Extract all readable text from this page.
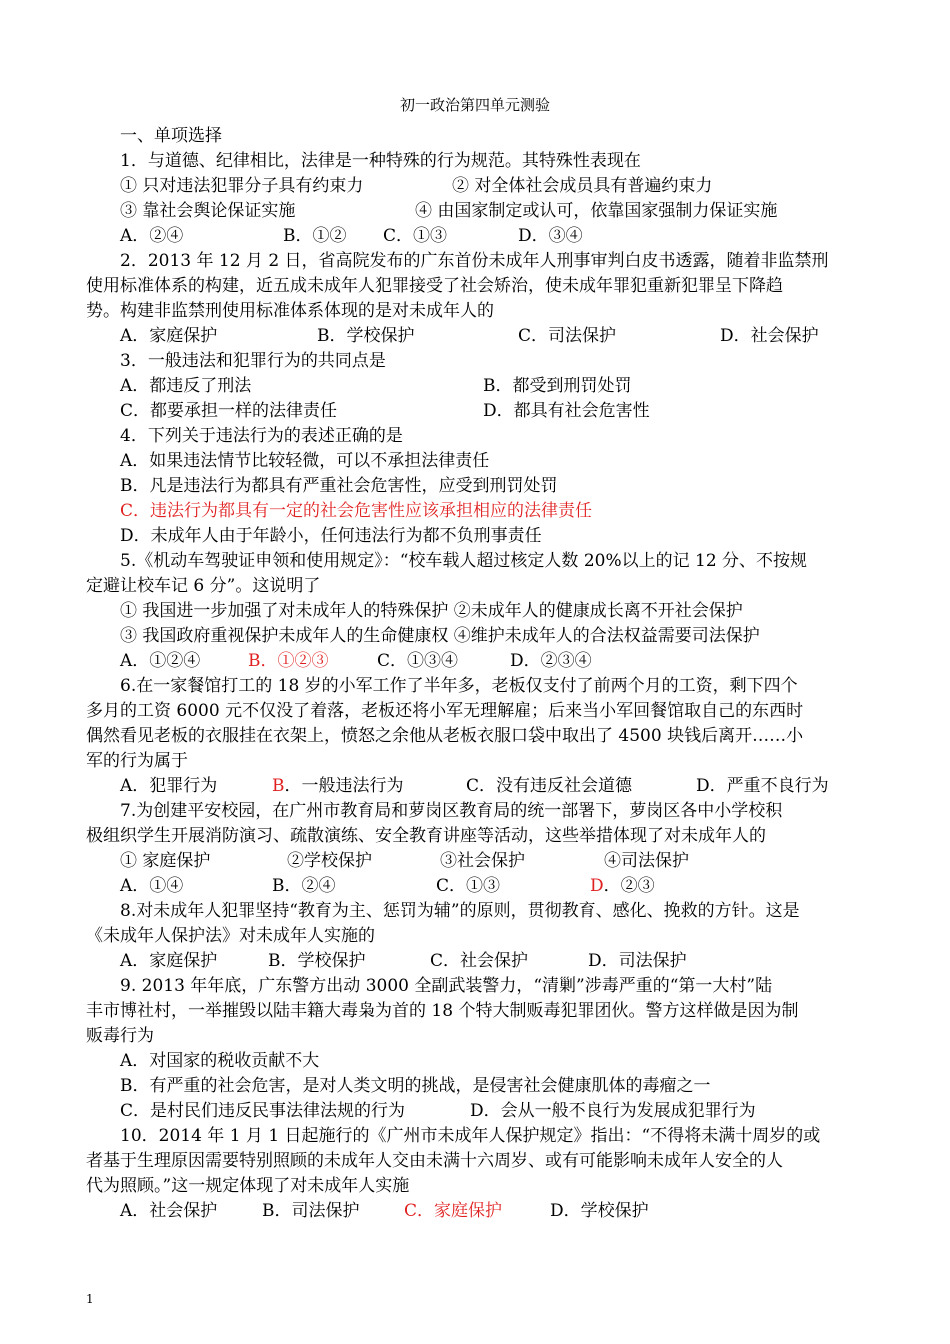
初一政治第四单元测验
一、单项选择
1．与道德、纪律相比，法律是一种特殊的行为规范。其特殊性表现在
① 只对违法犯罪分子具有约束力	② 对全体社会成员具有普遍约束力
③ 靠社会舆论保证实施	④ 由国家制定或认可，依靠国家强制力保证实施
A．②④	B．①② C．①③	D．③④
2．2013 年 12 月 2 日，省高院发布的广东首份未成年人刑事审判白皮书透露，随着非监禁刑
使用标准体系的构建，近五成未成年人犯罪接受了社会矫治，使未成年罪犯重新犯罪呈下降趋
势。构建非监禁刑使用标准体系体现的是对未成年人的
A．家庭保护	B．学校保护	C．司法保护	D．社会保护
3．一般违法和犯罪行为的共同点是
A．都违反了刑法	B．都受到刑罚处罚
C．都要承担一样的法律责任	D．都具有社会危害性
4．下列关于违法行为的表述正确的是
A．如果违法情节比较轻微，可以不承担法律责任
B．凡是违法行为都具有严重社会危害性，应受到刑罚处罚
C．违法行为都具有一定的社会危害性应该承担相应的法律责任
D．未成年人由于年龄小，任何违法行为都不负刑事责任
5.《机动车驾驶证申领和使用规定》：“校车载人超过核定人数 20%以上的记 12 分、不按规
定避让校车记 6 分”。这说明了
① 我国进一步加强了对未成年人的特殊保护 ②未成年人的健康成长离不开社会保护
③ 我国政府重视保护未成年人的生命健康权 ④维护未成年人的合法权益需要司法保护
A．①②④	B．①②③	C．①③④	D．②③④
6.在一家餐馆打工的 18 岁的小军工作了半年多，老板仅支付了前两个月的工资，剩下四个
多月的工资 6000 元不仅没了着落，老板还将小军无理解雇；后来当小军回餐馆取自己的东西时
偶然看见老板的衣服挂在衣架上，愤怒之余他从老板衣服口袋中取出了 4500 块钱后离开……小
军的行为属于
A．犯罪行为	B．一般违法行为	C．没有违反社会道德	D．严重不良行为
7.为创建平安校园，在广州市教育局和萝岗区教育局的统一部署下，萝岗区各中小学校积
极组织学生开展消防演习、疏散演练、安全教育讲座等活动，这些举措体现了对未成年人的
① 家庭保护	②学校保护	③社会保护	④司法保护
A．①④	B．②④	C．①③	D．②③
8.对未成年人犯罪坚持“教育为主、惩罚为辅”的原则，贯彻教育、感化、挽救的方针。这是
《未成年人保护法》对未成年人实施的
A．家庭保护	B．学校保护	C．社会保护	D．司法保护
9. 2013 年年底，广东警方出动 3000 全副武装警力，“清剿”涉毒严重的“第一大村”陆
丰市博社村，一举摧毁以陆丰籍大毒枭为首的 18 个特大制贩毒犯罪团伙。警方这样做是因为制
贩毒行为
A．对国家的税收贡献不大
B．有严重的社会危害，是对人类文明的挑战，是侵害社会健康肌体的毒瘤之一
C．是村民们违反民事法律法规的行为	D．会从一般不良行为发展成犯罪行为
10．2014 年 1 月 1 日起施行的《广州市未成年人保护规定》指出：“不得将未满十周岁的或
者基于生理原因需要特别照顾的未成年人交由未满十六周岁、或有可能影响未成年人安全的人
代为照顾。”这一规定体现了对未成年人实施
A．社会保护	B．司法保护	C．家庭保护	D．学校保护
1
